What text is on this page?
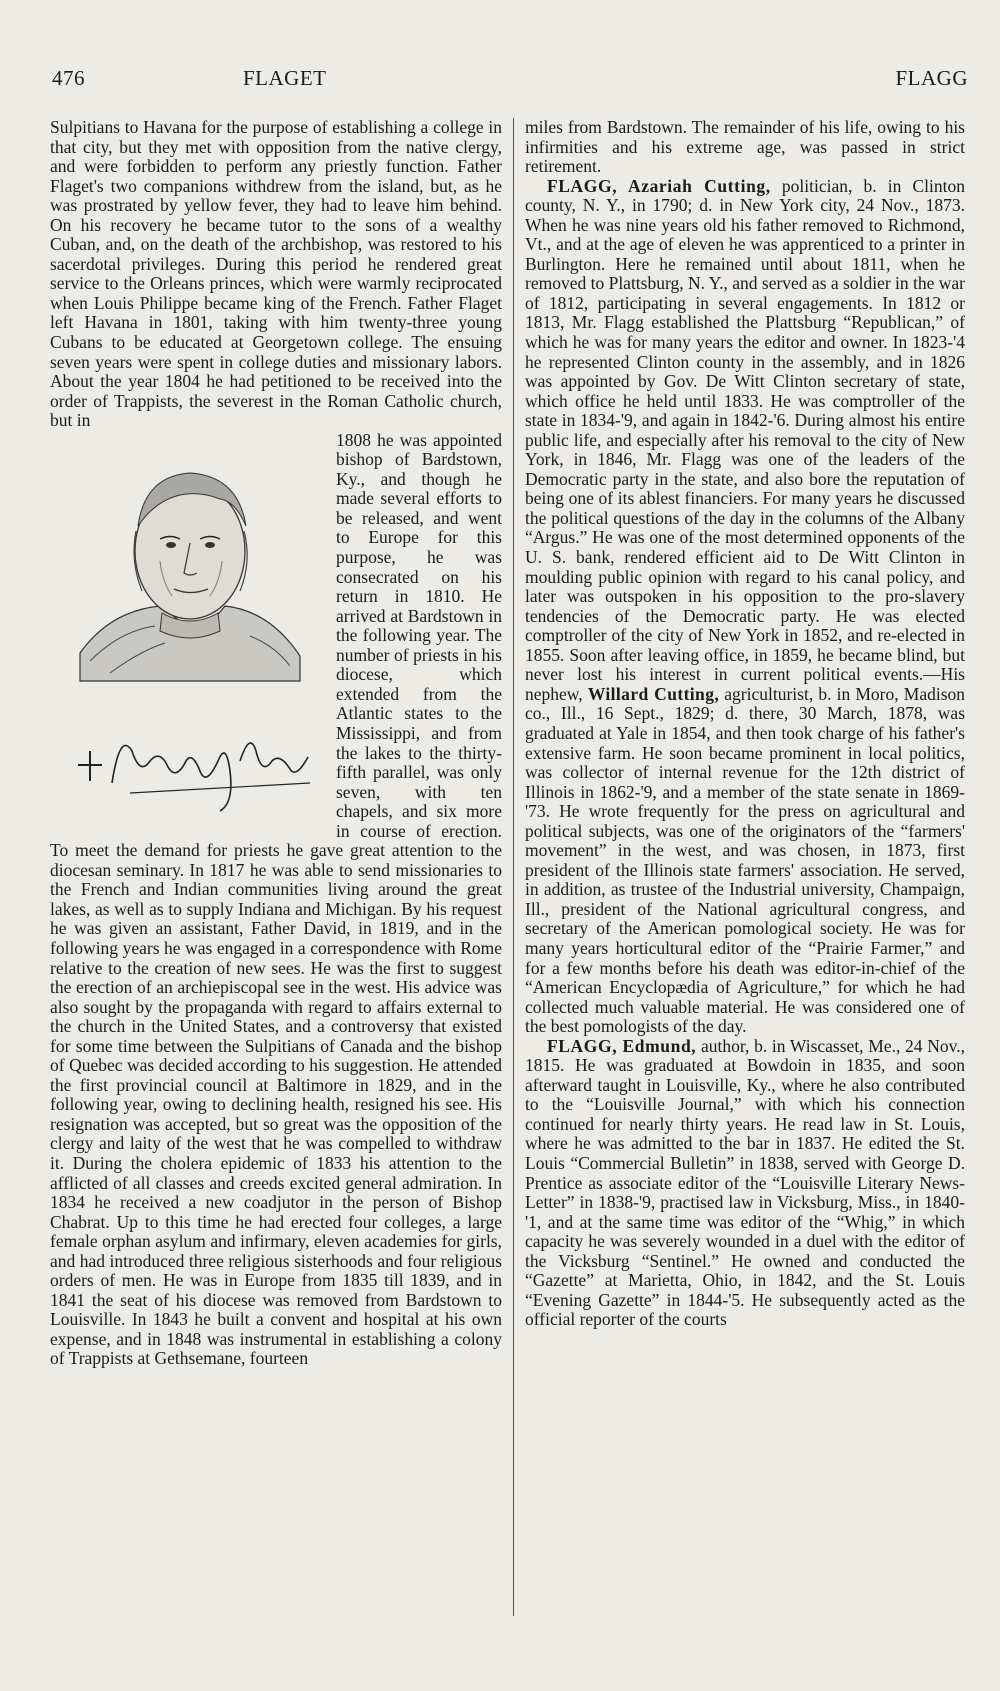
476	FLAGET	FLAGG

Sulpitians to Havana for the purpose of establishing a college in that city, but they met with opposition from the native clergy, and were forbidden to perform any priestly function. Father Flaget's two companions withdrew from the island, but, as he was prostrated by yellow fever, they had to leave him behind. On his recovery he became tutor to the sons of a wealthy Cuban, and, on the death of the archbishop, was restored to his sacerdotal privileges. During this period he rendered great service to the Orleans princes, which were warmly reciprocated when Louis Philippe became king of the French. Father Flaget left Havana in 1801, taking with him twenty-three young Cubans to be educated at Georgetown college. The ensuing seven years were spent in college duties and missionary labors. About the year 1804 he had petitioned to be received into the order of Trappists, the severest in the Roman Catholic church, but in

1808 he was appointed bishop of Bardstown, Ky., and though he made several efforts to be released, and went to Europe for this purpose, he was consecrated on his return in 1810. He arrived at Bardstown in the following year. The number of priests in his diocese, which extended from the Atlantic states to the Mississippi, and from the lakes to the thirty-fifth parallel, was only seven, with ten chapels, and six more in course of erection. To meet the demand for priests he gave great attention to the diocesan seminary. In 1817 he was able to send missionaries to the French and Indian communities living around the great lakes, as well as to supply Indiana and Michigan. By his request he was given an assistant, Father David, in 1819, and in the following years he was engaged in a correspondence with Rome relative to the creation of new sees. He was the first to suggest the erection of an archiepiscopal see in the west. His advice was also sought by the propaganda with regard to affairs external to the church in the United States, and a controversy that existed for some time between the Sulpitians of Canada and the bishop of Quebec was decided according to his suggestion. He attended the first provincial council at Baltimore in 1829, and in the following year, owing to declining health, resigned his see. His resignation was accepted, but so great was the opposition of the clergy and laity of the west that he was compelled to withdraw it. During the cholera epidemic of 1833 his attention to the afflicted of all classes and creeds excited general admiration. In 1834 he received a new coadjutor in the person of Bishop Chabrat. Up to this time he had erected four colleges, a large female orphan asylum and infirmary, eleven academies for girls, and had introduced three religious sisterhoods and four religious orders of men. He was in Europe from 1835 till 1839, and in 1841 the seat of his diocese was removed from Bardstown to Louisville. In 1843 he built a convent and hospital at his own expense, and in 1848 was instrumental in establishing a colony of Trappists at Gethsemane, fourteen

miles from Bardstown. The remainder of his life, owing to his infirmities and his extreme age, was passed in strict retirement.

FLAGG, Azariah Cutting, politician, b. in Clinton county, N. Y., in 1790; d. in New York city, 24 Nov., 1873. When he was nine years old his father removed to Richmond, Vt., and at the age of eleven he was apprenticed to a printer in Burlington. Here he remained until about 1811, when he removed to Plattsburg, N. Y., and served as a soldier in the war of 1812, participating in several engagements. In 1812 or 1813, Mr. Flagg established the Plattsburg “Republican,” of which he was for many years the editor and owner. In 1823-'4 he represented Clinton county in the assembly, and in 1826 was appointed by Gov. De Witt Clinton secretary of state, which office he held until 1833. He was comptroller of the state in 1834-'9, and again in 1842-'6. During almost his entire public life, and especially after his removal to the city of New York, in 1846, Mr. Flagg was one of the leaders of the Democratic party in the state, and also bore the reputation of being one of its ablest financiers. For many years he discussed the political questions of the day in the columns of the Albany “Argus.” He was one of the most determined opponents of the U. S. bank, rendered efficient aid to De Witt Clinton in moulding public opinion with regard to his canal policy, and later was outspoken in his opposition to the pro-slavery tendencies of the Democratic party. He was elected comptroller of the city of New York in 1852, and re-elected in 1855. Soon after leaving office, in 1859, he became blind, but never lost his interest in current political events.—His nephew, Willard Cutting, agriculturist, b. in Moro, Madison co., Ill., 16 Sept., 1829; d. there, 30 March, 1878, was graduated at Yale in 1854, and then took charge of his father's extensive farm. He soon became prominent in local politics, was collector of internal revenue for the 12th district of Illinois in 1862-'9, and a member of the state senate in 1869-'73. He wrote frequently for the press on agricultural and political subjects, was one of the originators of the “farmers' movement” in the west, and was chosen, in 1873, first president of the Illinois state farmers' association. He served, in addition, as trustee of the Industrial university, Champaign, Ill., president of the National agricultural congress, and secretary of the American pomological society. He was for many years horticultural editor of the “Prairie Farmer,” and for a few months before his death was editor-in-chief of the “American Encyclopædia of Agriculture,” for which he had collected much valuable material. He was considered one of the best pomologists of the day.

FLAGG, Edmund, author, b. in Wiscasset, Me., 24 Nov., 1815. He was graduated at Bowdoin in 1835, and soon afterward taught in Louisville, Ky., where he also contributed to the “Louisville Journal,” with which his connection continued for nearly thirty years. He read law in St. Louis, where he was admitted to the bar in 1837. He edited the St. Louis “Commercial Bulletin” in 1838, served with George D. Prentice as associate editor of the “Louisville Literary News-Letter” in 1838-'9, practised law in Vicksburg, Miss., in 1840-'1, and at the same time was editor of the “Whig,” in which capacity he was severely wounded in a duel with the editor of the Vicksburg “Sentinel.” He owned and conducted the “Gazette” at Marietta, Ohio, in 1842, and the St. Louis “Evening Gazette” in 1844-'5. He subsequently acted as the official reporter of the courts
